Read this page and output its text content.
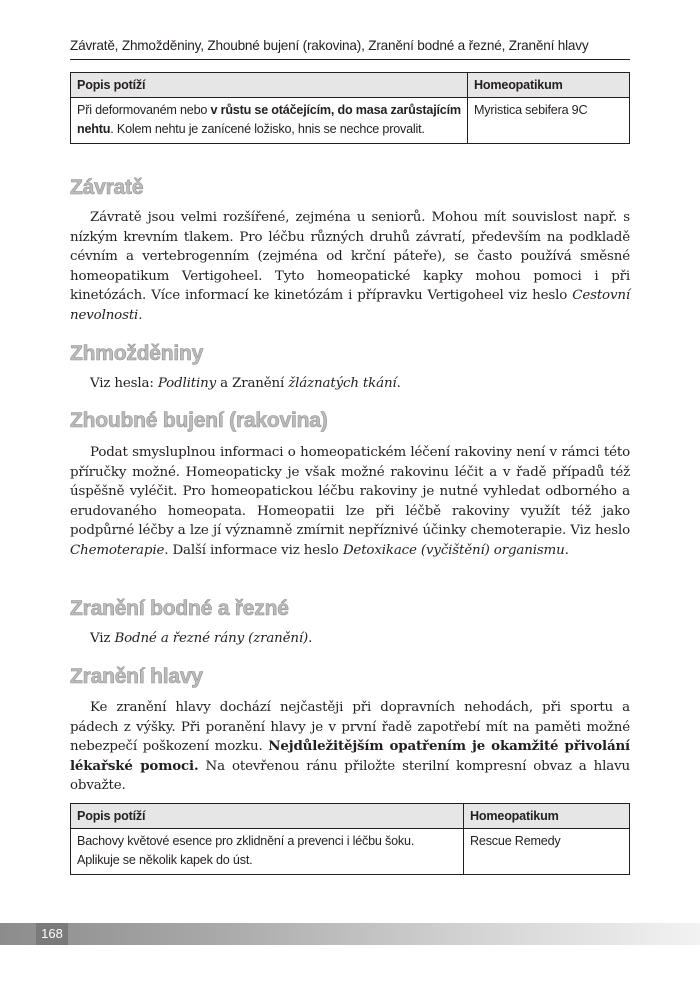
Závratě, Zhmožděniny, Zhoubné bujení (rakovina), Zranění bodné a řezné, Zranění hlavy
Popis potíží	Homeopatikum
Při deformovaném nebo v růstu se otáčejícím, do masa zarůstajícím nehtu. Kolem nehtu je zanícené ložisko, hnis se nechce provalit.	Myristica sebifera 9C
Závratě

Závratě jsou velmi rozšířené, zejména u seniorů. Mohou mít souvislost např. s nízkým krevním tlakem. Pro léčbu různých druhů závratí, především na podkladě cévním a vertebrogenním (zejména od krční páteře), se často používá směsné homeopatikum Vertigoheel. Tyto homeopatické kapky mohou pomoci i při kinetózách. Více informací ke kinetózám i přípravku Vertigoheel viz heslo Cestovní nevolnosti.

Zhmožděniny

Viz hesla: Podlitiny a Zranění žláznatých tkání.

Zhoubné bujení (rakovina)

Podat smysluplnou informaci o homeopatickém léčení rakoviny není v rámci této příručky možné. Homeopaticky je však možné rakovinu léčit a v řadě případů též úspěšně vyléčit. Pro homeopatickou léčbu rakoviny je nutné vyhledat odborného a erudovaného homeopata. Homeopatii lze při léčbě rakoviny využít též jako podpůrné léčby a lze jí významně zmírnit nepříznivé účinky chemoterapie. Viz heslo Chemoterapie. Další informace viz heslo Detoxikace (vyčištění) organismu.

Zranění bodné a řezné

Viz Bodné a řezné rány (zranění).

Zranění hlavy

Ke zranění hlavy dochází nejčastěji při dopravních nehodách, při sportu a pádech z výšky. Při poranění hlavy je v první řadě zapotřebí mít na paměti možné nebezpečí poškození mozku. Nejdůležitějším opatřením je okamžité přivolání lékařské pomoci. Na otevřenou ránu přiložte sterilní kompresní obvaz a hlavu obvažte.

Popis potíží	Homeopatikum
Bachovy květové esence pro zklidnění a prevenci i léčbu šoku. Aplikuje se několik kapek do úst.	Rescue Remedy
168
